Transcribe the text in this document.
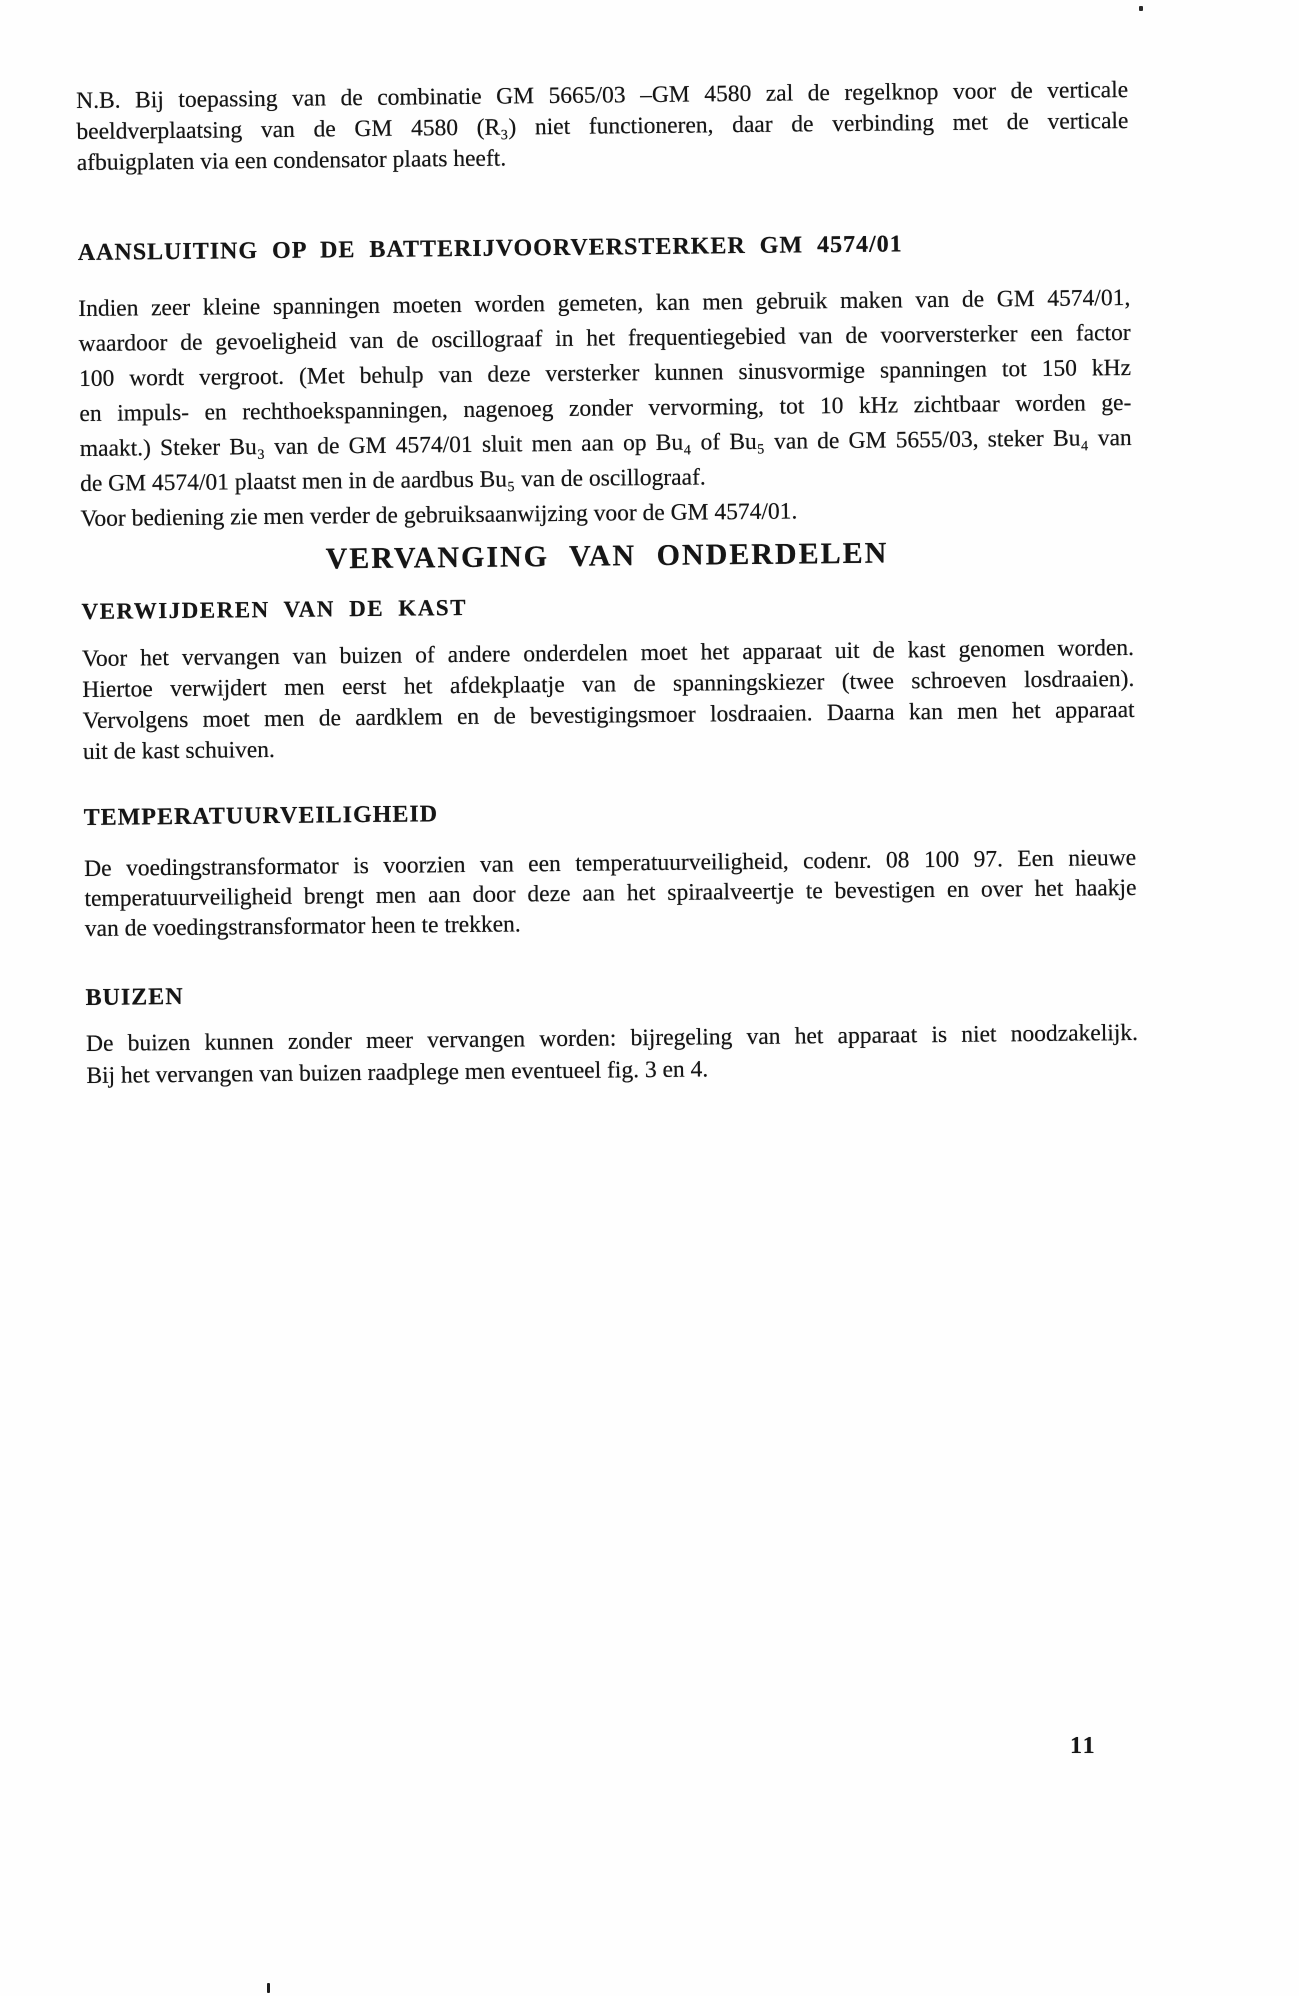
N.B. Bij toepassing van de combinatie GM 5665/03 –GM 4580 zal de regelknop voor de verticale
beeldverplaatsing van de GM 4580 (R₃) niet functioneren, daar de verbinding met de verticale
afbuigplaten via een condensator plaats heeft.
AANSLUITING OP DE BATTERIJVOORVERSTERKER GM 4574/01
Indien zeer kleine spanningen moeten worden gemeten, kan men gebruik maken van de GM 4574/01,
waardoor de gevoeligheid van de oscillograaf in het frequentiegebied van de voorversterker een factor
100 wordt vergroot. (Met behulp van deze versterker kunnen sinusvormige spanningen tot 150 kHz
en impuls- en rechthoekspanningen, nagenoeg zonder vervorming, tot 10 kHz zichtbaar worden ge-
maakt.) Steker Bu₃ van de GM 4574/01 sluit men aan op Bu₄ of Bu₅ van de GM 5655/03, steker Bu₄ van
de GM 4574/01 plaatst men in de aardbus Bu₅ van de oscillograaf.
Voor bediening zie men verder de gebruiksaanwijzing voor de GM 4574/01.
VERVANGING VAN ONDERDELEN
VERWIJDEREN VAN DE KAST
Voor het vervangen van buizen of andere onderdelen moet het apparaat uit de kast genomen worden.
Hiertoe verwijdert men eerst het afdekplaatje van de spanningskiezer (twee schroeven losdraaien).
Vervolgens moet men de aardklem en de bevestigingsmoer losdraaien. Daarna kan men het apparaat
uit de kast schuiven.
TEMPERATUURVEILIGHEID
De voedingstransformator is voorzien van een temperatuurveiligheid, codenr. 08 100 97. Een nieuwe
temperatuurveiligheid brengt men aan door deze aan het spiraalveertje te bevestigen en over het haakje
van de voedingstransformator heen te trekken.
BUIZEN
De buizen kunnen zonder meer vervangen worden: bijregeling van het apparaat is niet noodzakelijk.
Bij het vervangen van buizen raadplege men eventueel fig. 3 en 4.
11
